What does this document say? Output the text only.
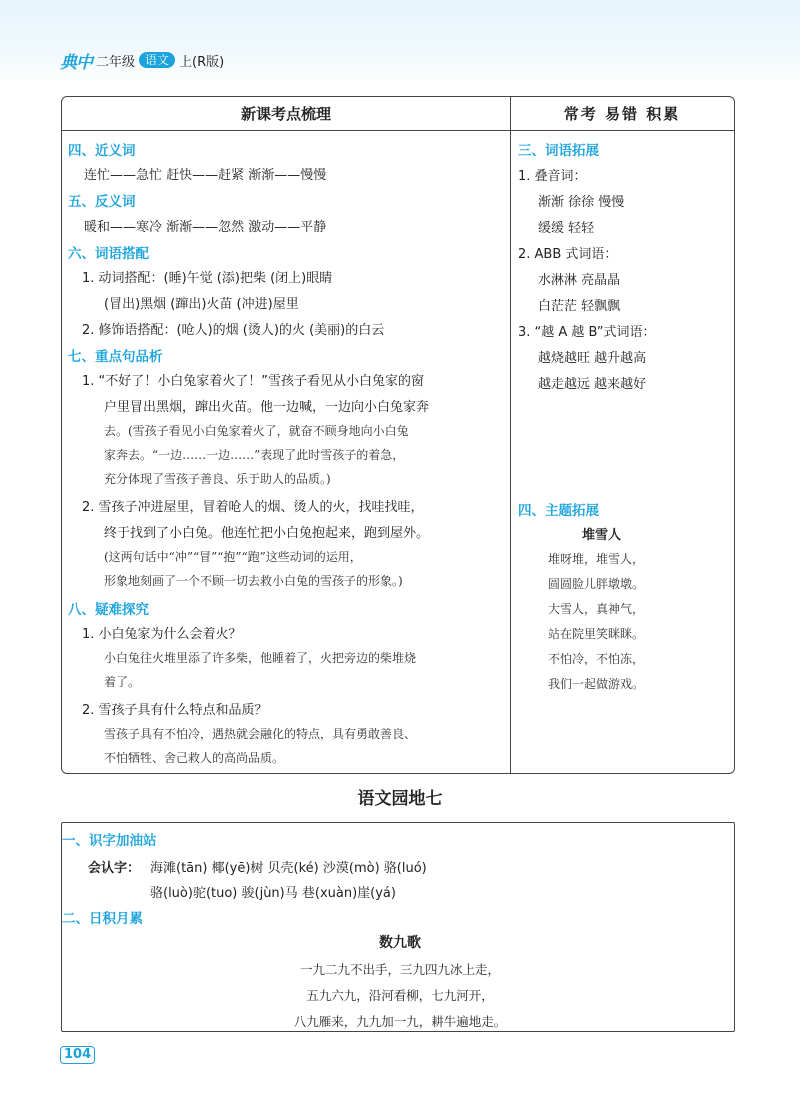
典中 二年级 语文 上(R版)
新课考点梳理	常考 易错 积累
四、近义词
连忙——急忙 赶快——赶紧 渐渐——慢慢
五、反义词
暖和——寒冷 渐渐——忽然 激动——平静
六、词语搭配
1. 动词搭配：(睡)午觉 (添)把柴 (闭上)眼睛
(冒出)黑烟 (蹿出)火苗 (冲进)屋里
2. 修饰语搭配：(呛人)的烟 (烫人)的火 (美丽)的白云
七、重点句品析
1. “不好了！小白兔家着火了！”雪孩子看见从小白兔家的窗
户里冒出黑烟，蹿出火苗。他一边喊，一边向小白兔家奔
去。(雪孩子看见小白兔家着火了，就奋不顾身地向小白兔
家奔去。“一边……一边……”表现了此时雪孩子的着急，
充分体现了雪孩子善良、乐于助人的品质。)
2. 雪孩子冲进屋里，冒着呛人的烟、烫人的火，找哇找哇，
终于找到了小白兔。他连忙把小白兔抱起来，跑到屋外。
(这两句话中“冲”“冒”“抱”“跑”这些动词的运用，
形象地刻画了一个不顾一切去救小白兔的雪孩子的形象。)
八、疑难探究
1. 小白兔家为什么会着火？
小白兔往火堆里添了许多柴，他睡着了，火把旁边的柴堆烧
着了。
2. 雪孩子具有什么特点和品质？
雪孩子具有不怕冷，遇热就会融化的特点，具有勇敢善良、
不怕牺牲、舍己救人的高尚品质。
三、词语拓展
1. 叠音词：
渐渐 徐徐 慢慢
缓缓 轻轻
2. ABB 式词语：
水淋淋 亮晶晶
白茫茫 轻飘飘
3. “越 A 越 B”式词语：
越烧越旺 越升越高
越走越远 越来越好
四、主题拓展
堆雪人
堆呀堆，堆雪人，
圆圆脸儿胖墩墩。
大雪人，真神气，
站在院里笑眯眯。
不怕冷，不怕冻，
我们一起做游戏。
语文园地七
一、识字加油站
会认字： 海滩(tān) 椰(yē)树 贝壳(ké) 沙漠(mò) 骆(luó)
骆(luò)驼(tuo) 骏(jùn)马 巷(xuàn)崖(yá)
二、日积月累
数九歌
一九二九不出手，三九四九冰上走，
五九六九，沿河看柳，七九河开，
八九雁来，九九加一九，耕牛遍地走。
104
